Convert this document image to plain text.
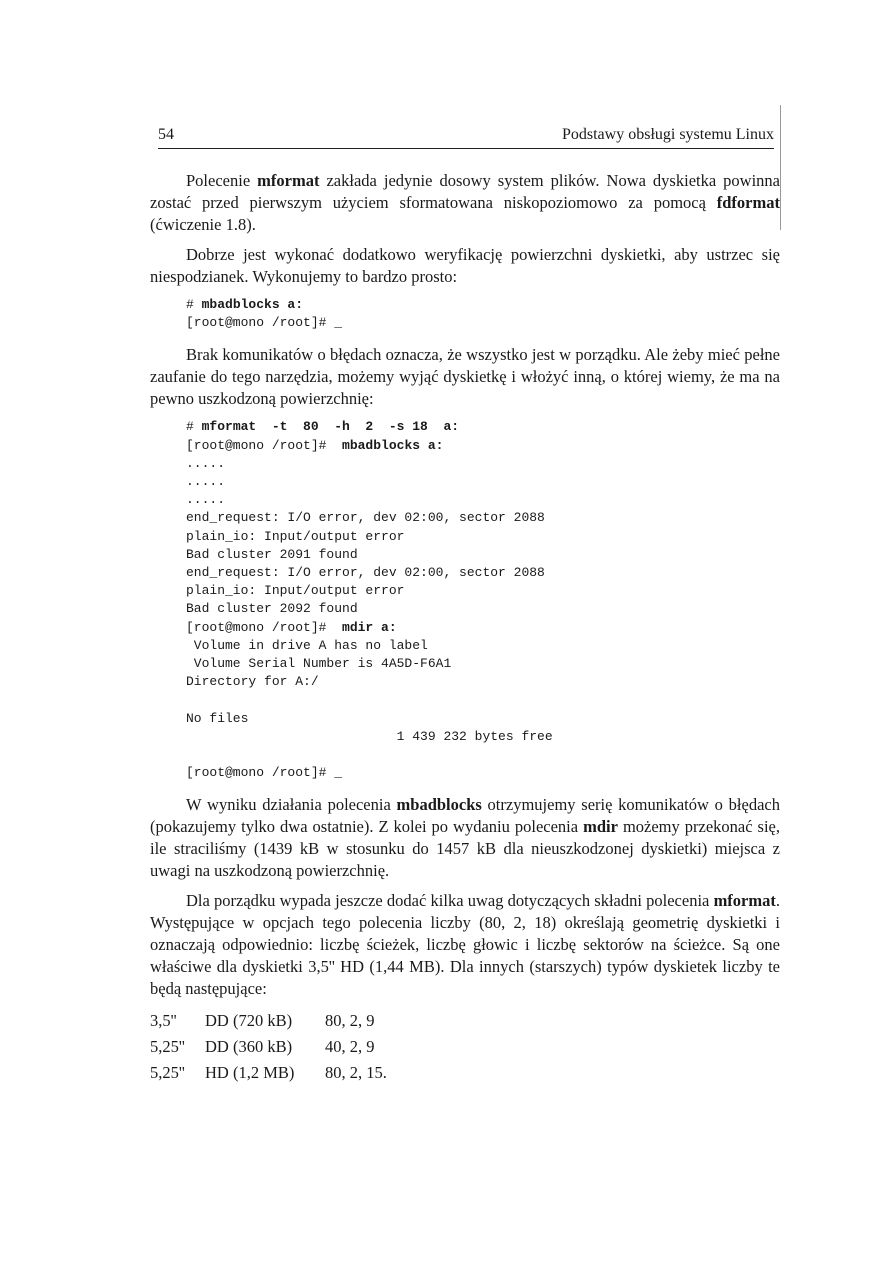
54	Podstawy obsługi systemu Linux

Polecenie mformat zakłada jedynie dosowy system plików. Nowa dyskietka powinna zostać przed pierwszym użyciem sformatowana niskopoziomowo za pomocą fdformat (ćwiczenie 1.8).

Dobrze jest wykonać dodatkowo weryfikację powierzchni dyskietki, aby ustrzec się niespodzianek. Wykonujemy to bardzo prosto:

# mbadblocks a:
[root@mono /root]# _

Brak komunikatów o błędach oznacza, że wszystko jest w porządku. Ale żeby mieć pełne zaufanie do tego narzędzia, możemy wyjąć dyskietkę i włożyć inną, o której wiemy, że ma na pewno uszkodzoną powierzchnię:

# mformat  -t  80  -h  2  -s 18  a:
[root@mono /root]#  mbadblocks a:
.....
.....
.....
end_request: I/O error, dev 02:00, sector 2088
plain_io: Input/output error
Bad cluster 2091 found
end_request: I/O error, dev 02:00, sector 2088
plain_io: Input/output error
Bad cluster 2092 found
[root@mono /root]#  mdir a:
Volume in drive A has no label
Volume Serial Number is 4A5D-F6A1
Directory for A:/

No files
1 439 232 bytes free

[root@mono /root]# _

W wyniku działania polecenia mbadblocks otrzymujemy serię komunikatów o błędach (pokazujemy tylko dwa ostatnie). Z kolei po wydaniu polecenia mdir możemy przekonać się, ile straciliśmy (1439 kB w stosunku do 1457 kB dla nieuszkodzonej dyskietki) miejsca z uwagi na uszkodzoną powierzchnię.

Dla porządku wypada jeszcze dodać kilka uwag dotyczących składni polecenia mformat. Występujące w opcjach tego polecenia liczby (80, 2, 18) określają geometrię dyskietki i oznaczają odpowiednio: liczbę ścieżek, liczbę głowic i liczbę sektorów na ścieżce. Są one właściwe dla dyskietki 3,5'' HD (1,44 MB). Dla innych (starszych) typów dyskietek liczby te będą następujące:

3,5''	DD (720 kB)	80, 2, 9
5,25''	DD (360 kB)	40, 2, 9
5,25''	HD (1,2 MB)	80, 2, 15.
